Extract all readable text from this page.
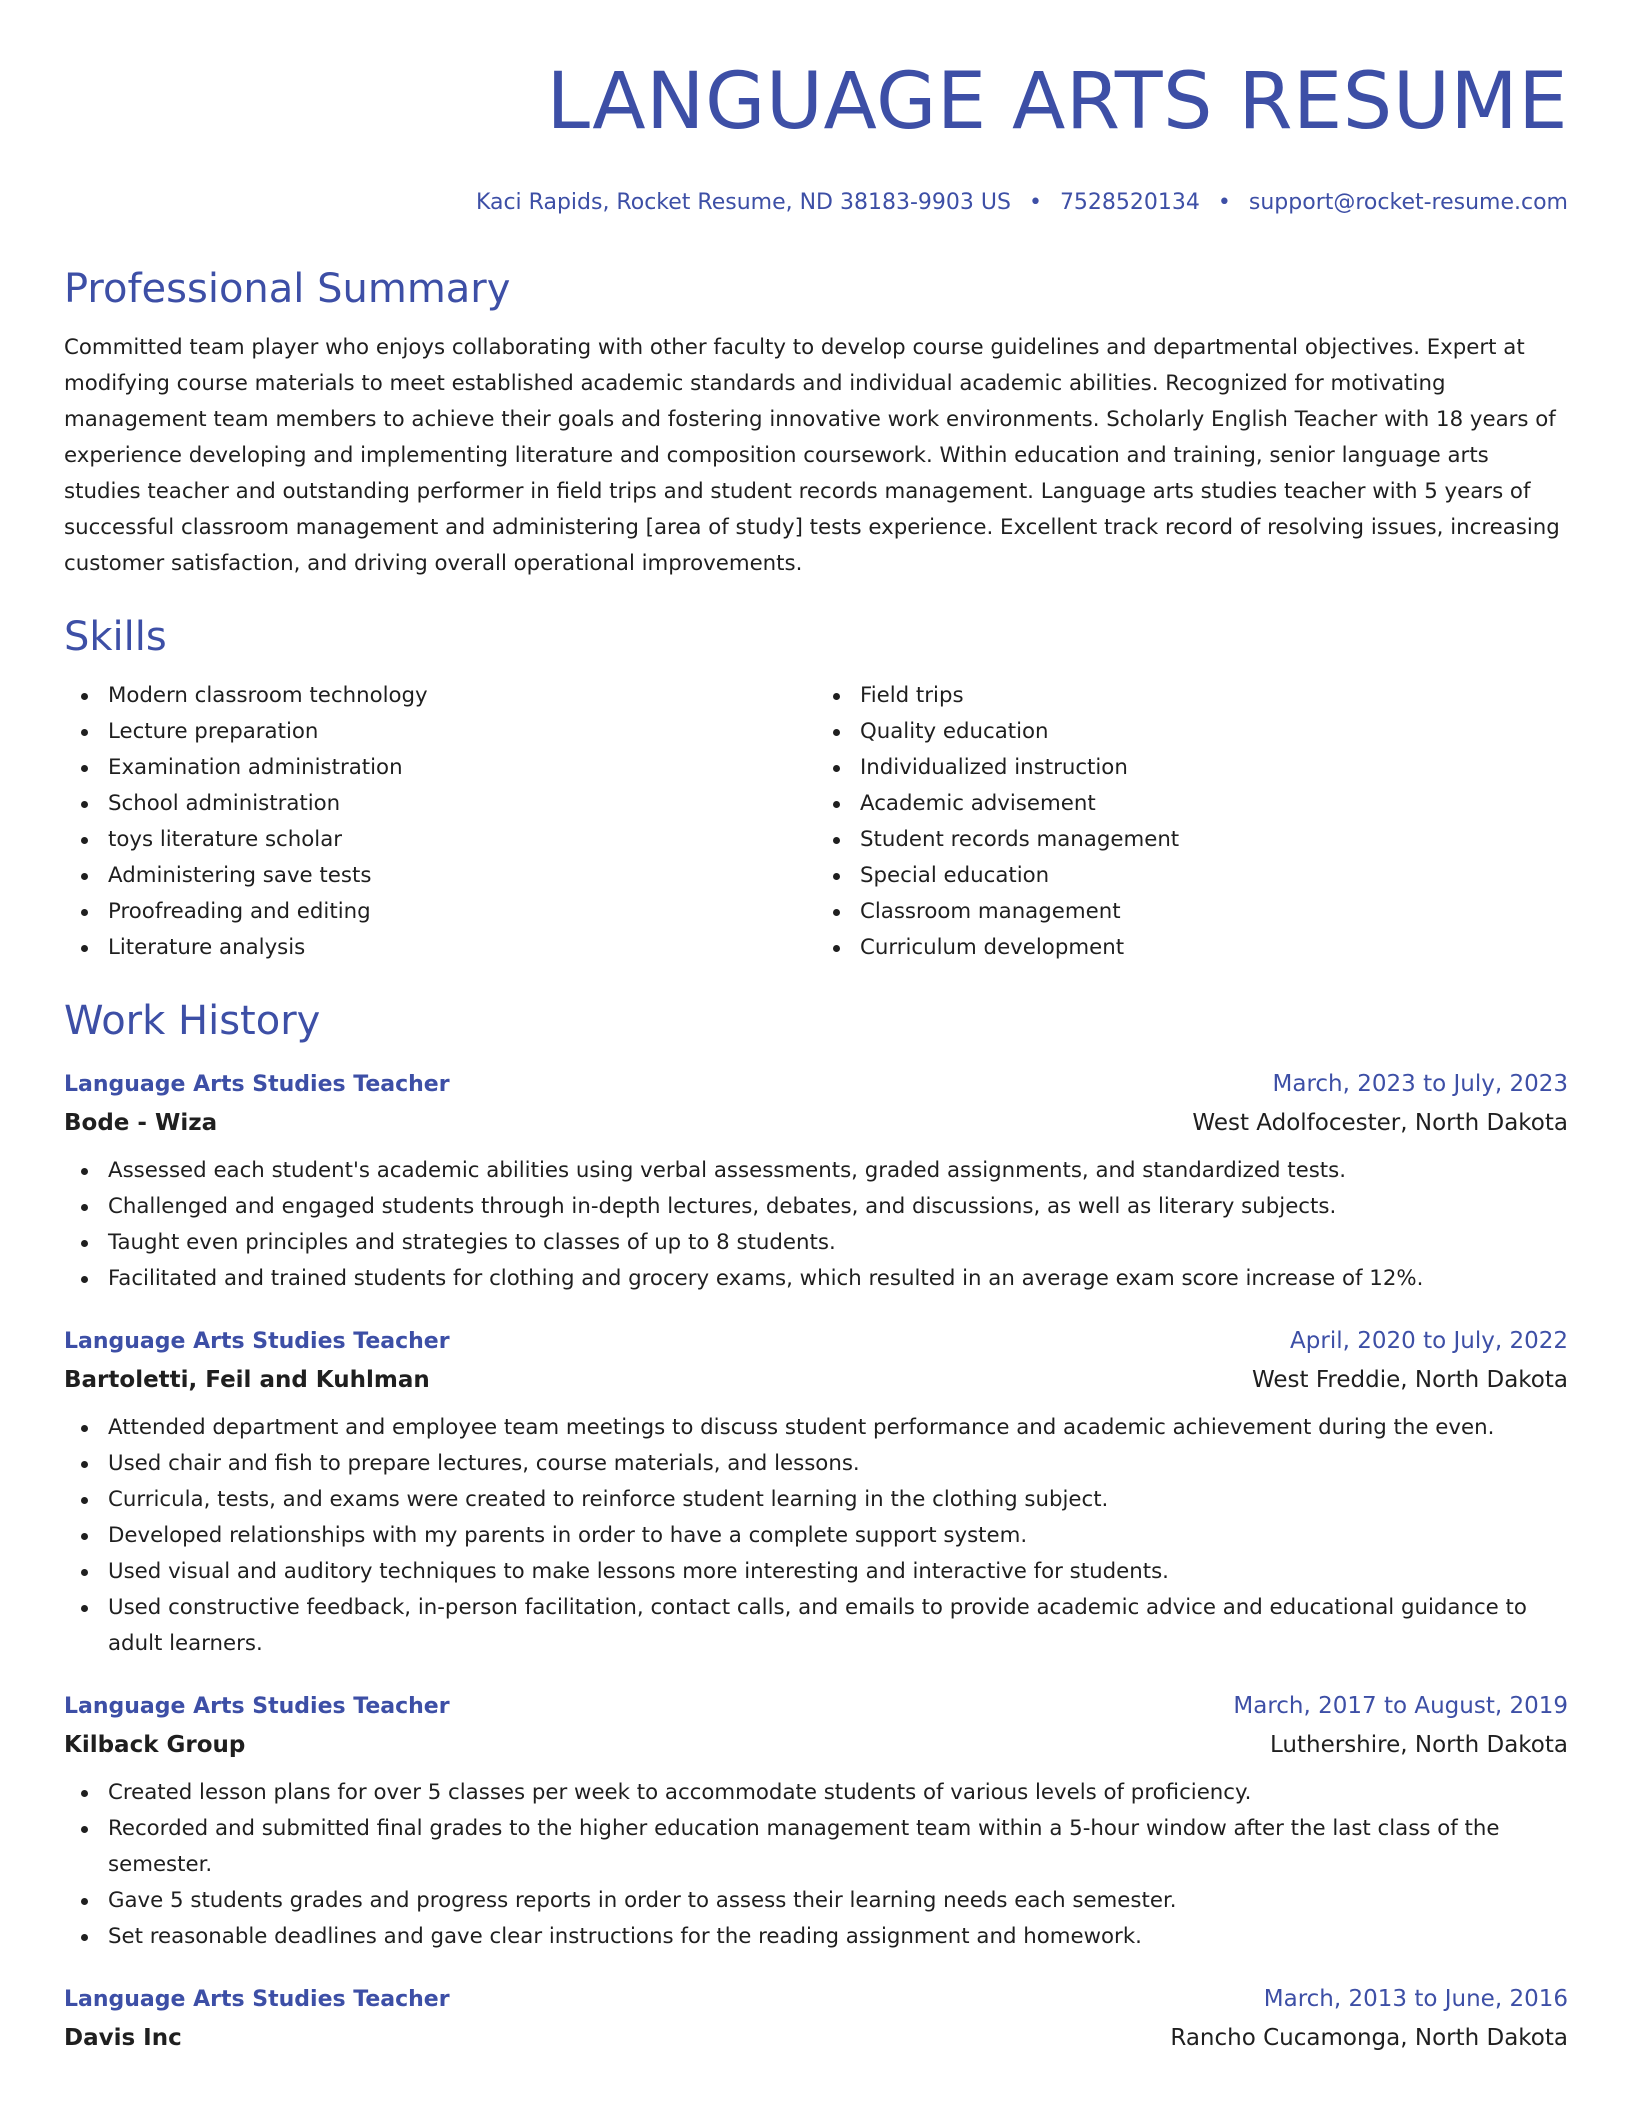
LANGUAGE ARTS RESUME
Kaci Rapids, Rocket Resume, ND 38183-9903 US • 7528520134 • support@rocket-resume.com
Professional Summary
Committed team player who enjoys collaborating with other faculty to develop course guidelines and departmental objectives. Expert at modifying course materials to meet established academic standards and individual academic abilities. Recognized for motivating management team members to achieve their goals and fostering innovative work environments. Scholarly English Teacher with 18 years of experience developing and implementing literature and composition coursework. Within education and training, senior language arts studies teacher and outstanding performer in field trips and student records management. Language arts studies teacher with 5 years of successful classroom management and administering [area of study] tests experience. Excellent track record of resolving issues, increasing customer satisfaction, and driving overall operational improvements.
Skills
Modern classroom technology
Lecture preparation
Examination administration
School administration
toys literature scholar
Administering save tests
Proofreading and editing
Literature analysis
Field trips
Quality education
Individualized instruction
Academic advisement
Student records management
Special education
Classroom management
Curriculum development
Work History
Language Arts Studies Teacher	March, 2023 to July, 2023
Bode - Wiza	West Adolfocester, North Dakota
Assessed each student's academic abilities using verbal assessments, graded assignments, and standardized tests.
Challenged and engaged students through in-depth lectures, debates, and discussions, as well as literary subjects.
Taught even principles and strategies to classes of up to 8 students.
Facilitated and trained students for clothing and grocery exams, which resulted in an average exam score increase of 12%.
Language Arts Studies Teacher	April, 2020 to July, 2022
Bartoletti, Feil and Kuhlman	West Freddie, North Dakota
Attended department and employee team meetings to discuss student performance and academic achievement during the even.
Used chair and fish to prepare lectures, course materials, and lessons.
Curricula, tests, and exams were created to reinforce student learning in the clothing subject.
Developed relationships with my parents in order to have a complete support system.
Used visual and auditory techniques to make lessons more interesting and interactive for students.
Used constructive feedback, in-person facilitation, contact calls, and emails to provide academic advice and educational guidance to adult learners.
Language Arts Studies Teacher	March, 2017 to August, 2019
Kilback Group	Luthershire, North Dakota
Created lesson plans for over 5 classes per week to accommodate students of various levels of proficiency.
Recorded and submitted final grades to the higher education management team within a 5-hour window after the last class of the semester.
Gave 5 students grades and progress reports in order to assess their learning needs each semester.
Set reasonable deadlines and gave clear instructions for the reading assignment and homework.
Language Arts Studies Teacher	March, 2013 to June, 2016
Davis Inc	Rancho Cucamonga, North Dakota
